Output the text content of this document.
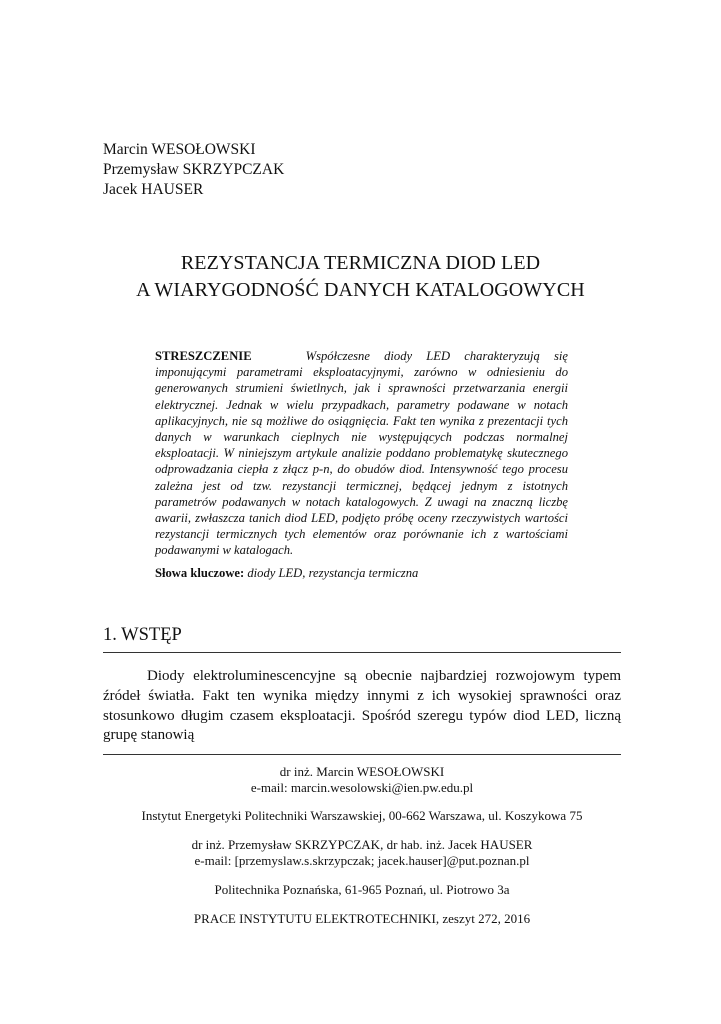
Marcin WESOŁOWSKI
Przemysław SKRZYPCZAK
Jacek HAUSER
REZYSTANCJA TERMICZNA DIOD LED
A WIARYGODNOŚĆ DANYCH KATALOGOWYCH
STRESZCZENIE	Współczesne diody LED charakteryzują się imponującymi parametrami eksploatacyjnymi, zarówno w odniesieniu do generowanych strumieni świetlnych, jak i sprawności przetwarzania energii elektrycznej. Jednak w wielu przypadkach, parametry podawane w notach aplikacyjnych, nie są możliwe do osiągnięcia. Fakt ten wynika z prezentacji tych danych w warunkach cieplnych nie występujących podczas normalnej eksploatacji. W niniejszym artykule analizie poddano problematykę skutecznego odprowadzania ciepła z złącz p-n, do obudów diod. Intensywność tego procesu zależna jest od tzw. rezystancji termicznej, będącej jednym z istotnych parametrów podawanych w notach katalogowych. Z uwagi na znaczną liczbę awarii, zwłaszcza tanich diod LED, podjęto próbę oceny rzeczywistych wartości rezystancji termicznych tych elementów oraz porównanie ich z wartościami podawanymi w katalogach.
Słowa kluczowe: diody LED, rezystancja termiczna
1. WSTĘP

Diody elektroluminescencyjne są obecnie najbardziej rozwojowym typem źródeł światła. Fakt ten wynika między innymi z ich wysokiej sprawności oraz stosunkowo długim czasem eksploatacji. Spośród szeregu typów diod LED, liczną grupę stanowią

dr inż. Marcin WESOŁOWSKI
e-mail: marcin.wesolowski@ien.pw.edu.pl
Instytut Energetyki Politechniki Warszawskiej, 00-662 Warszawa, ul. Koszykowa 75
dr inż. Przemysław SKRZYPCZAK, dr hab. inż. Jacek HAUSER
e-mail: [przemyslaw.s.skrzypczak; jacek.hauser]@put.poznan.pl
Politechnika Poznańska, 61-965 Poznań, ul. Piotrowo 3a
PRACE INSTYTUTU ELEKTROTECHNIKI, zeszyt 272, 2016
